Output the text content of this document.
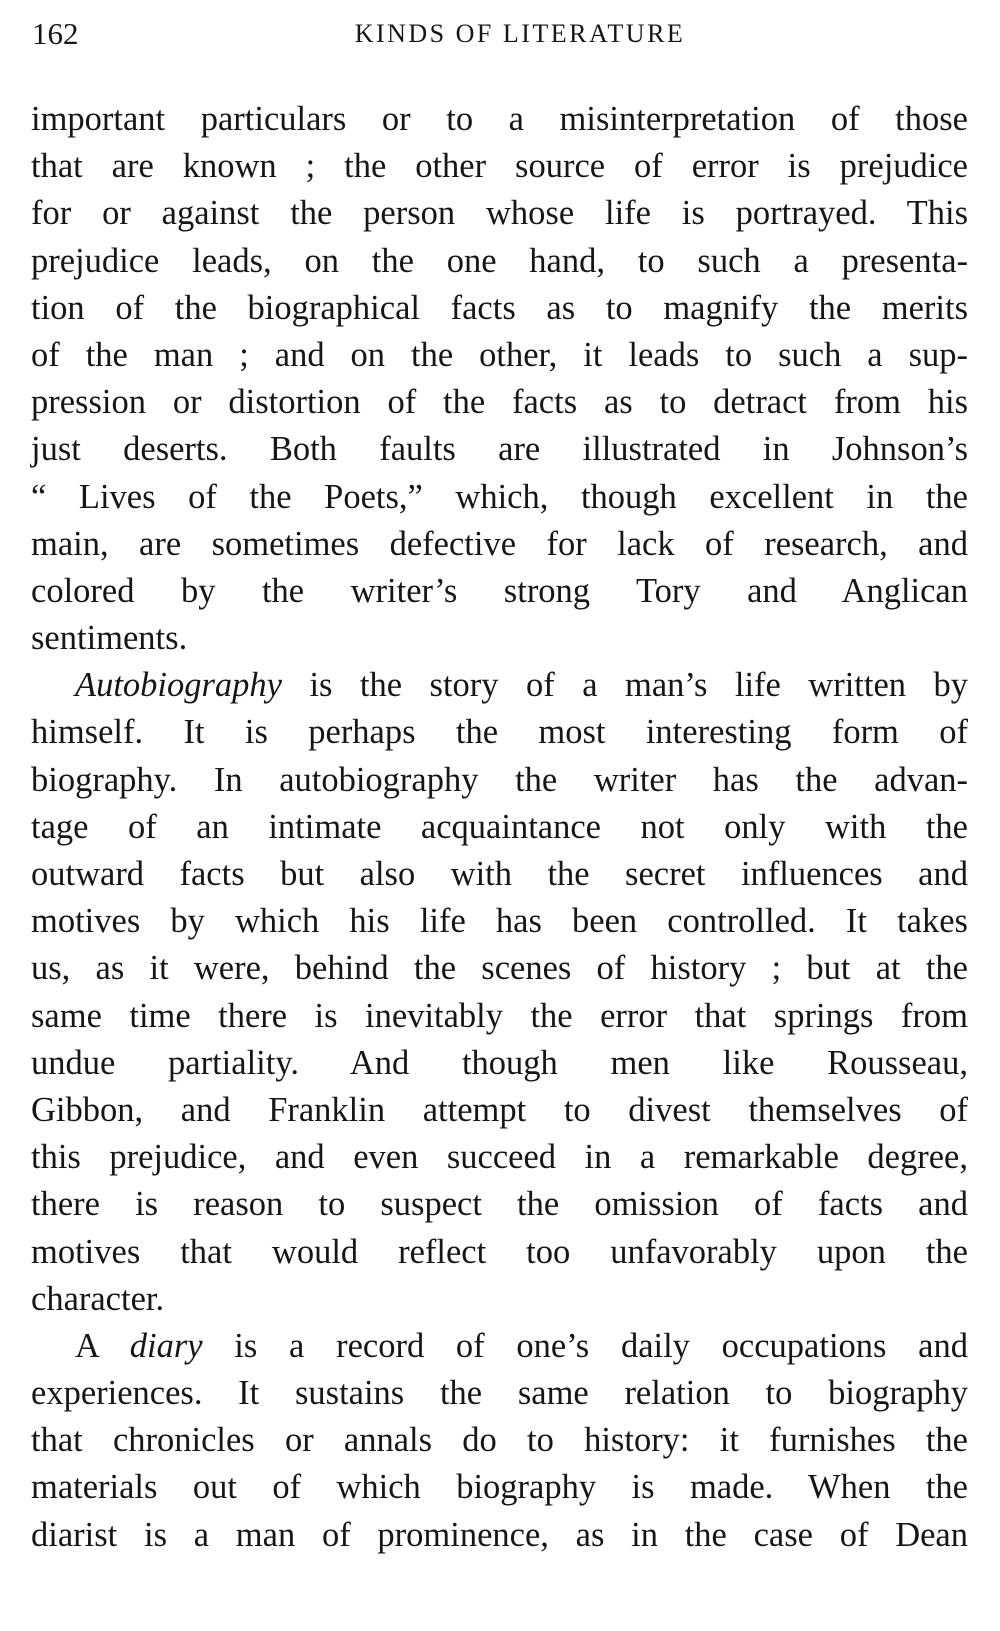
162	KINDS OF LITERATURE
important particulars or to a misinterpretation of those
that are known ; the other source of error is prejudice
for or against the person whose life is portrayed. This
prejudice leads, on the one hand, to such a presenta-
tion of the biographical facts as to magnify the merits
of the man ; and on the other, it leads to such a sup-
pression or distortion of the facts as to detract from his
just deserts. Both faults are illustrated in Johnson’s
“ Lives of the Poets,” which, though excellent in the
main, are sometimes defective for lack of research, and
colored by the writer’s strong Tory and Anglican
sentiments.
Autobiography is the story of a man’s life written by
himself. It is perhaps the most interesting form of
biography. In autobiography the writer has the advan-
tage of an intimate acquaintance not only with the
outward facts but also with the secret influences and
motives by which his life has been controlled. It takes
us, as it were, behind the scenes of history ; but at the
same time there is inevitably the error that springs from
undue partiality. And though men like Rousseau,
Gibbon, and Franklin attempt to divest themselves of
this prejudice, and even succeed in a remarkable degree,
there is reason to suspect the omission of facts and
motives that would reflect too unfavorably upon the
character.
A diary is a record of one’s daily occupations and
experiences. It sustains the same relation to biography
that chronicles or annals do to history: it furnishes the
materials out of which biography is made. When the
diarist is a man of prominence, as in the case of Dean
